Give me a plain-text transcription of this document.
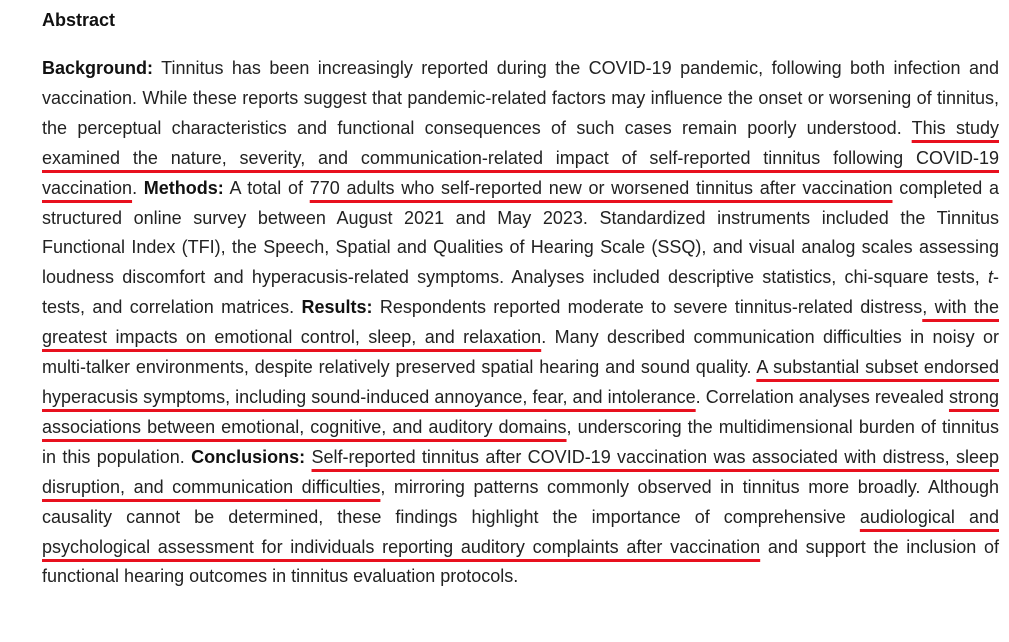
Abstract

Background: Tinnitus has been increasingly reported during the COVID-19 pandemic, following both infection and vaccination. While these reports suggest that pandemic-related factors may influence the onset or worsening of tinnitus, the perceptual characteristics and functional consequences of such cases remain poorly understood. This study examined the nature, severity, and communication-related impact of self-reported tinnitus following COVID-19 vaccination. Methods: A total of 770 adults who self-reported new or worsened tinnitus after vaccination completed a structured online survey between August 2021 and May 2023. Standardized instruments included the Tinnitus Functional Index (TFI), the Speech, Spatial and Qualities of Hearing Scale (SSQ), and visual analog scales assessing loudness discomfort and hyperacusis-related symptoms. Analyses included descriptive statistics, chi-square tests, t-tests, and correlation matrices. Results: Respondents reported moderate to severe tinnitus-related distress, with the greatest impacts on emotional control, sleep, and relaxation. Many described communication difficulties in noisy or multi-talker environments, despite relatively preserved spatial hearing and sound quality. A substantial subset endorsed hyperacusis symptoms, including sound-induced annoyance, fear, and intolerance. Correlation analyses revealed strong associations between emotional, cognitive, and auditory domains, underscoring the multidimensional burden of tinnitus in this population. Conclusions: Self-reported tinnitus after COVID-19 vaccination was associated with distress, sleep disruption, and communication difficulties, mirroring patterns commonly observed in tinnitus more broadly. Although causality cannot be determined, these findings highlight the importance of comprehensive audiological and psychological assessment for individuals reporting auditory complaints after vaccination and support the inclusion of functional hearing outcomes in tinnitus evaluation protocols.
